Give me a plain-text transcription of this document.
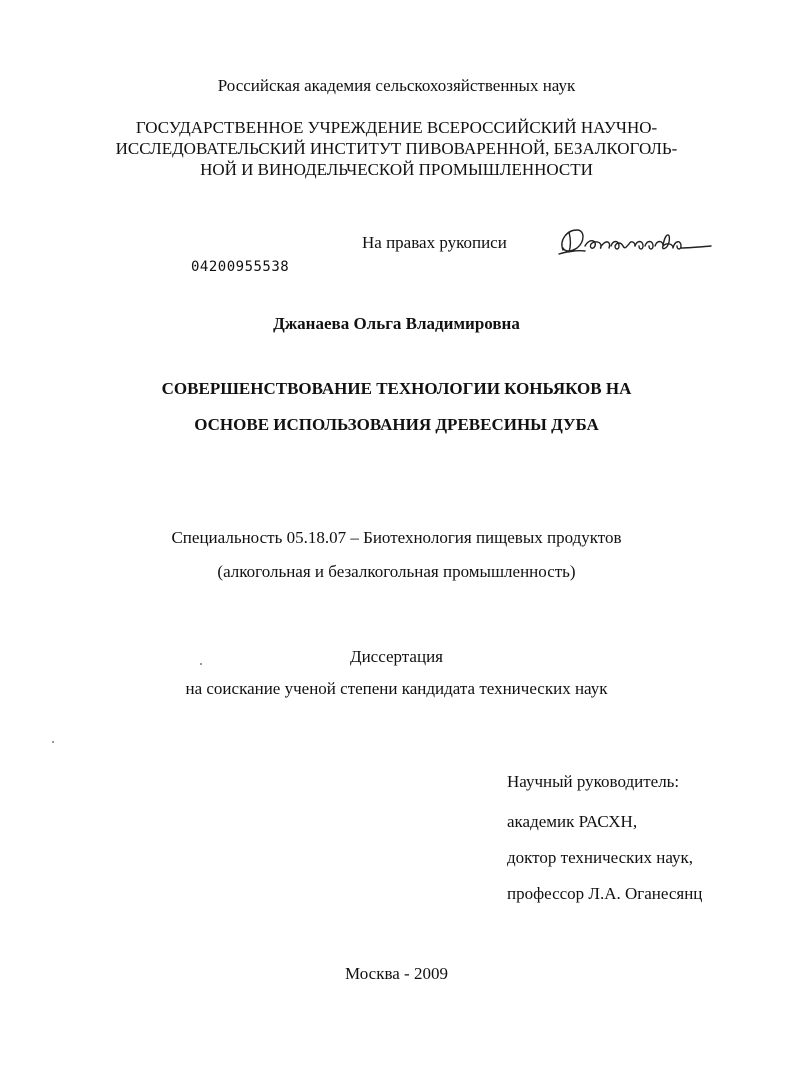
Российская академия сельскохозяйственных наук
ГОСУДАРСТВЕННОЕ УЧРЕЖДЕНИЕ ВСЕРОССИЙСКИЙ НАУЧНО-
ИССЛЕДОВАТЕЛЬСКИЙ ИНСТИТУТ ПИВОВАРЕННОЙ, БЕЗАЛКОГОЛЬ-
НОЙ И ВИНОДЕЛЬЧЕСКОЙ ПРОМЫШЛЕННОСТИ
На правах рукописи
04200955538
Джанаева Ольга Владимировна
СОВЕРШЕНСТВОВАНИЕ ТЕХНОЛОГИИ КОНЬЯКОВ НА
ОСНОВЕ ИСПОЛЬЗОВАНИЯ ДРЕВЕСИНЫ ДУБА
Специальность 05.18.07 – Биотехнология пищевых продуктов
(алкогольная и безалкогольная промышленность)
Диссертация
на соискание ученой степени кандидата технических наук
Научный руководитель:
академик РАСХН,
доктор технических наук,
профессор Л.А. Оганесянц
Москва - 2009
